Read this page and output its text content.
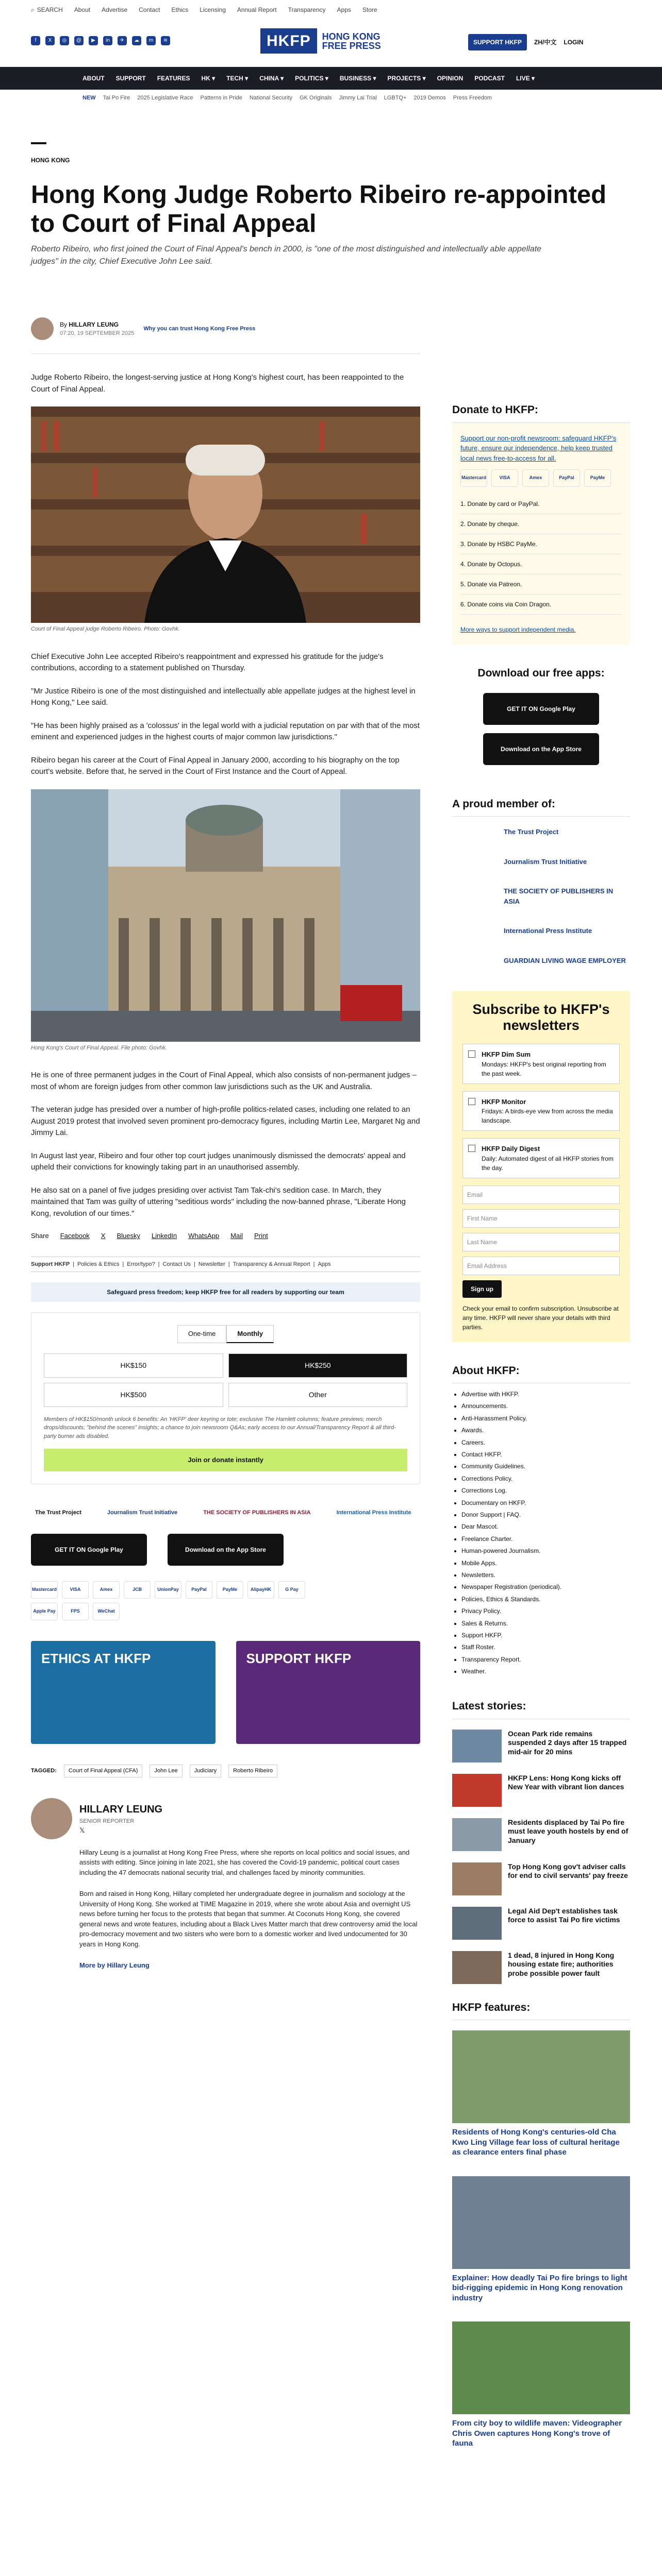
⌕ SEARCH About Advertise Contact Ethics Licensing Annual Report Transparency Apps Store
f	X	◎	@	▶	in	✈	☁	m	≋	HKFP	HONG KONG
FREE PRESS	SUPPORT HKFP	ZH/中文 LOGIN
ABOUT SUPPORT FEATURES HK ▾ TECH ▾ CHINA ▾ POLITICS ▾ BUSINESS ▾ PROJECTS ▾ OPINION PODCAST LIVE ▾
NEW Tai Po Fire 2025 Legislative Race Patterns in Pride National Security GK Originals Jimmy Lai Trial LGBTQ+ 2019 Demos Press Freedom
HONG KONG
Hong Kong Judge Roberto Ribeiro re-appointed to Court of Final Appeal

Roberto Ribeiro, who first joined the Court of Final Appeal's bench in 2000, is "one of the most distinguished and intellectually able appellate judges" in the city, Chief Executive John Lee said.

By HILLARY LEUNG
07:20, 19 SEPTEMBER 2025
Why you can trust Hong Kong Free Press

Judge Roberto Ribeiro, the longest-serving justice at Hong Kong's highest court, has been reappointed to the Court of Final Appeal.

Court of Final Appeal judge Roberto Ribeiro. Photo: Govhk.

Chief Executive John Lee accepted Ribeiro's reappointment and expressed his gratitude for the judge's contributions, according to a statement published on Thursday.

"Mr Justice Ribeiro is one of the most distinguished and intellectually able appellate judges at the highest level in Hong Kong," Lee said.

"He has been highly praised as a 'colossus' in the legal world with a judicial reputation on par with that of the most eminent and experienced judges in the highest courts of major common law jurisdictions."

Ribeiro began his career at the Court of Final Appeal in January 2000, according to his biography on the top court's website. Before that, he served in the Court of First Instance and the Court of Appeal.

Hong Kong's Court of Final Appeal. File photo: Govhk.

He is one of three permanent judges in the Court of Final Appeal, which also consists of non-permanent judges – most of whom are foreign judges from other common law jurisdictions such as the UK and Australia.

The veteran judge has presided over a number of high-profile politics-related cases, including one related to an August 2019 protest that involved seven prominent pro-democracy figures, including Martin Lee, Margaret Ng and Jimmy Lai.

In August last year, Ribeiro and four other top court judges unanimously dismissed the democrats' appeal and upheld their convictions for knowingly taking part in an unauthorised assembly.

He also sat on a panel of five judges presiding over activist Tam Tak-chi's sedition case. In March, they maintained that Tam was guilty of uttering "seditious words" including the now-banned phrase, "Liberate Hong Kong, revolution of our times."

Share Facebook X Bluesky LinkedIn WhatsApp Mail Print
Support HKFP | Policies & Ethics | Error/typo? | Contact Us | Newsletter | Transparency & Annual Report | Apps
Safeguard press freedom; keep HKFP free for all readers by supporting our team
One-time	Monthly
HK$150	HK$250
HK$500	Other

Members of HK$150/month unlock 6 benefits: An 'HKFP' deer keyring or tote; exclusive The Hamlett columns; feature previews; merch drops/discounts; "behind the scenes" insights; a chance to join newsroom Q&As; early access to our Annual/Transparency Report & all third-party burner ads disabled.

Join or donate instantly
The Trust Project	Journalism Trust Initiative	THE SOCIETY OF PUBLISHERS IN ASIA	International Press Institute
GET IT ON Google Play	Download on the App Store
Mastercard	VISA	Amex	JCB	UnionPay	PayPal	PayMe	AlipayHK	G Pay
Apple Pay	FPS	WeChat
ETHICS AT HKFP	SUPPORT HKFP
TAGGED:	Court of Final Appeal (CFA)	John Lee	Judiciary	Roberto Ribeiro
HILLARY LEUNG
SENIOR REPORTER
𝕏

Hillary Leung is a journalist at Hong Kong Free Press, where she reports on local politics and social issues, and assists with editing. Since joining in late 2021, she has covered the Covid-19 pandemic, political court cases including the 47 democrats national security trial, and challenges faced by minority communities.

Born and raised in Hong Kong, Hillary completed her undergraduate degree in journalism and sociology at the University of Hong Kong. She worked at TIME Magazine in 2019, where she wrote about Asia and overnight US news before turning her focus to the protests that began that summer. At Coconuts Hong Kong, she covered general news and wrote features, including about a Black Lives Matter march that drew controversy amid the local pro-democracy movement and two sisters who were born to a domestic worker and lived undocumented for 30 years in Hong Kong.

More by Hillary Leung
Donate to HKFP:

Support our non-profit newsroom: safeguard HKFP's future, ensure our independence, help keep trusted local news free-to-access for all.

Mastercard	VISA	Amex	PayPal	PayMe
1. Donate by card or PayPal.
2. Donate by cheque.
3. Donate by HSBC PayMe.
4. Donate by Octopus.
5. Donate via Patreon.
6. Donate coins via Coin Dragon.

More ways to support independent media.

Download our free apps:
GET IT ON Google Play
Download on the App Store
A proud member of:
The Trust Project
Journalism Trust Initiative
THE SOCIETY OF PUBLISHERS IN ASIA
International Press Institute
GUARDIAN LIVING WAGE EMPLOYER
Subscribe to HKFP's newsletters
HKFP Dim Sum
Mondays: HKFP's best original reporting from the past week.
HKFP Monitor
Fridays: A birds-eye view from across the media landscape.
HKFP Daily Digest
Daily: Automated digest of all HKFP stories from the day.
Email
First Name
Last Name
Email Address
Sign up

Check your email to confirm subscription. Unsubscribe at any time. HKFP will never share your details with third parties.

About HKFP:
• Advertise with HKFP.
• Announcements.
• Anti-Harassment Policy.
• Awards.
• Careers.
• Contact HKFP.
• Community Guidelines.
• Corrections Policy.
• Corrections Log.
• Documentary on HKFP.
• Donor Support | FAQ.
• Dear Mascot.
• Freelance Charter.
• Human-powered Journalism.
• Mobile Apps.
• Newsletters.
• Newspaper Registration (periodical).
• Policies, Ethics & Standards.
• Privacy Policy.
• Sales & Returns.
• Support HKFP.
• Staff Roster.
• Transparency Report.
• Weather.
Latest stories:
Ocean Park ride remains suspended 2 days after 15 trapped mid-air for 20 mins
HKFP Lens: Hong Kong kicks off New Year with vibrant lion dances
Residents displaced by Tai Po fire must leave youth hostels by end of January
Top Hong Kong gov't adviser calls for end to civil servants' pay freeze
Legal Aid Dep't establishes task force to assist Tai Po fire victims
1 dead, 8 injured in Hong Kong housing estate fire; authorities probe possible power fault
HKFP features:
Residents of Hong Kong's centuries-old Cha Kwo Ling Village fear loss of cultural heritage as clearance enters final phase
Explainer: How deadly Tai Po fire brings to light bid-rigging epidemic in Hong Kong renovation industry
From city boy to wildlife maven: Videographer Chris Owen captures Hong Kong's trove of fauna
